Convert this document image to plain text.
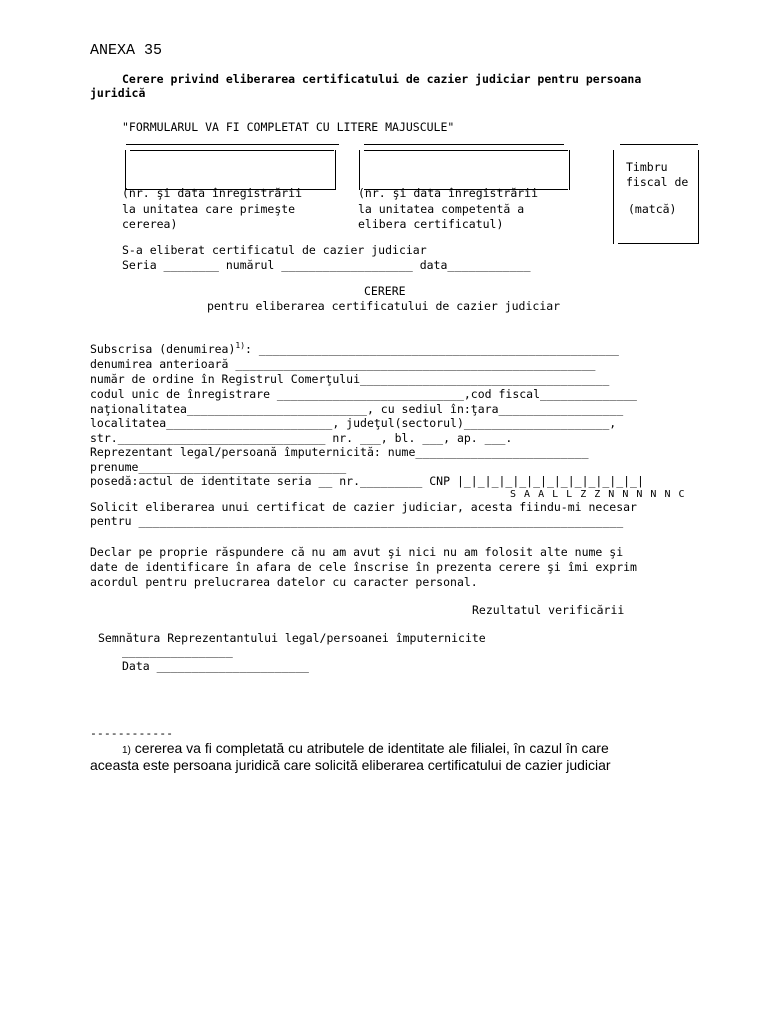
ANEXA 35
Cerere privind eliberarea certificatului de cazier judiciar pentru persoana
juridică
"FORMULARUL VA FI COMPLETAT CU LITERE MAJUSCULE"
(nr. şi data înregistrării
la unitatea care primeşte
cererea)
(nr. şi data înregistrării
la unitatea competentă a
elibera certificatul)
Timbru
fiscal de
(matcă)
S-a eliberat certificatul de cazier judiciar
Seria ________ numărul ___________________ data____________
CERERE
pentru eliberarea certificatului de cazier judiciar
Subscrisa (denumirea)$^{1)}$: ____________________________________________________
denumirea anterioară ____________________________________________________
număr de ordine în Registrul Comerţului____________________________________
codul unic de înregistrare ___________________________,cod fiscal______________
naţionalitatea__________________________, cu sediul în:ţara__________________
localitatea________________________, judeţul(sectorul)_____________________,
str.______________________________ nr. ___, bl. ___, ap. ___.
Reprezentant legal/persoană împuternicită: nume_________________________
prenume______________________________
posedă:actul de identitate seria __ nr._________ CNP |_|_|_|_|_|_|_|_|_|_|_|_|_|
S A A L L Z Z N N N N N C
Solicit eliberarea unui certificat de cazier judiciar, acesta fiindu-mi necesar
pentru ______________________________________________________________________
Declar pe proprie răspundere că nu am avut şi nici nu am folosit alte nume şi
date de identificare în afara de cele înscrise în prezenta cerere şi îmi exprim
acordul pentru prelucrarea datelor cu caracter personal.
Rezultatul verificării
Semnătura Reprezentantului legal/persoanei împuternicite
________________
Data ______________________
------------
1) cererea va fi completată cu atributele de identitate ale filialei, în cazul în care
aceasta este persoana juridică care solicită eliberarea certificatului de cazier judiciar
